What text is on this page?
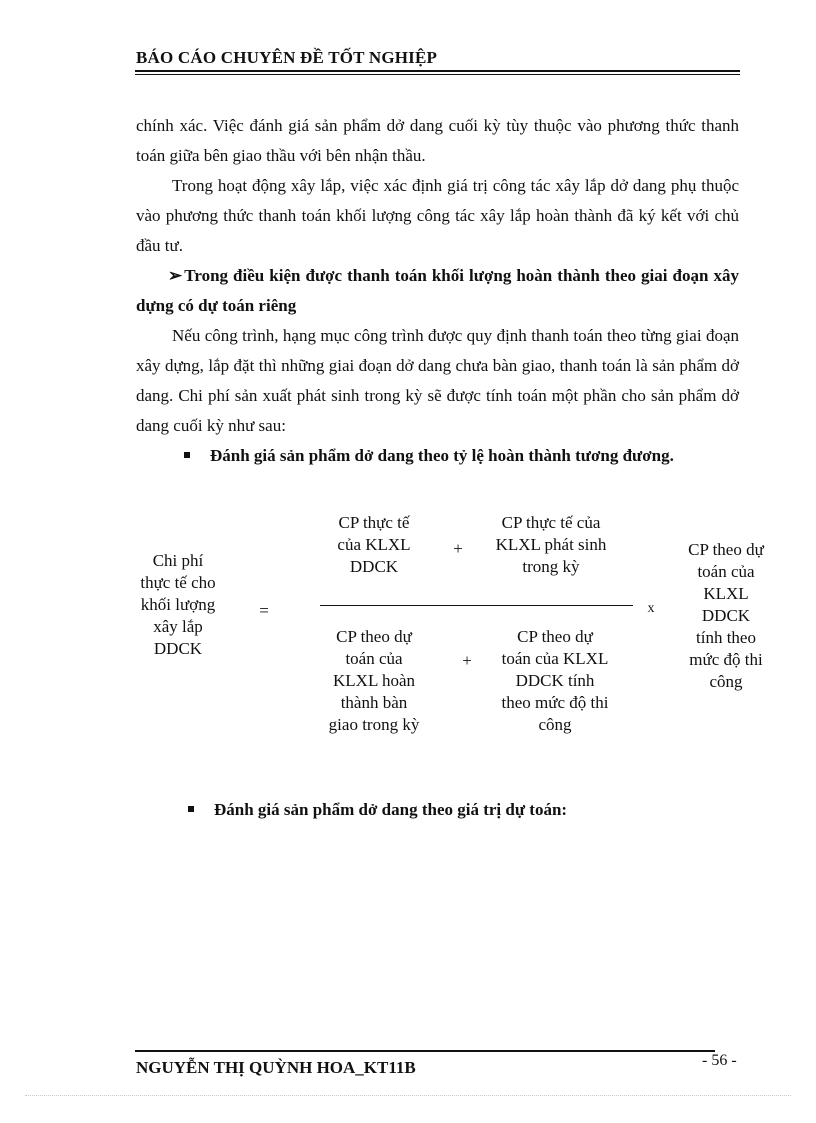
BÁO CÁO CHUYÊN ĐỀ TỐT NGHIỆP
chính xác. Việc đánh giá sản phẩm dở dang cuối kỳ tùy thuộc vào phương thức thanh toán giữa bên giao thầu với bên nhận thầu.
Trong hoạt động xây lắp, việc xác định giá trị công tác xây lắp dở dang phụ thuộc vào phương thức thanh toán khối lượng công tác xây lắp hoàn thành đã ký kết với chủ đầu tư.
➢ Trong điều kiện được thanh toán khối lượng hoàn thành theo giai đoạn xây dựng có dự toán riêng
Nếu công trình, hạng mục công trình được quy định thanh toán theo từng giai đoạn xây dựng, lắp đặt thì những giai đoạn dở dang chưa bàn giao, thanh toán là sản phẩm dở dang. Chi phí sản xuất phát sinh trong kỳ sẽ được tính toán một phần cho sản phẩm dở dang cuối kỳ như sau:
Đánh giá sản phẩm dở dang theo tỷ lệ hoàn thành tương đương.
Chi phí
thực tế cho
khối lượng
xây lắp
DDCK
=
CP thực tế
của KLXL
DDCK
+
CP thực tế của
KLXL phát sinh
trong kỳ
x
CP theo dự
toán của
KLXL hoàn
thành bàn
giao trong kỳ
+
CP theo dự
toán của KLXL
DDCK tính
theo mức độ thi
công
CP theo dự
toán của
KLXL
DDCK
tính theo
mức độ thi
công
Đánh giá sản phẩm dở dang theo giá trị dự toán:
NGUYỄN THỊ QUỲNH HOA_KT11B	- 56 -
